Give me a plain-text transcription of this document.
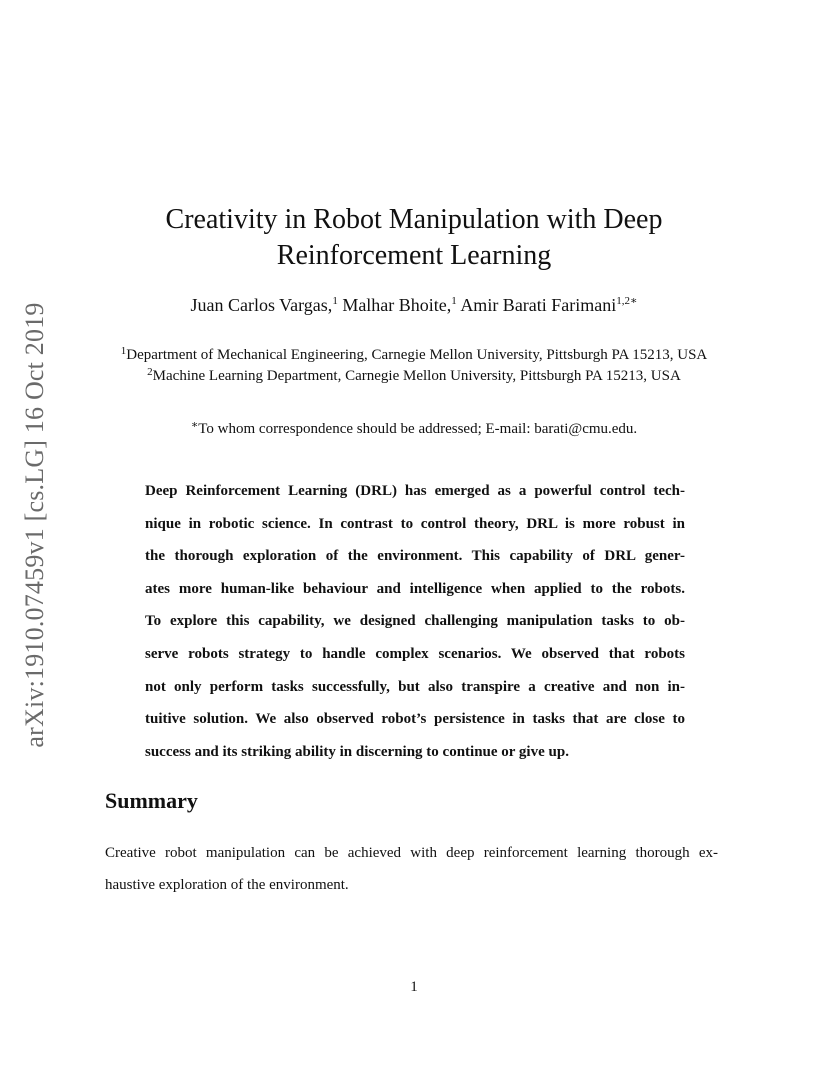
arXiv:1910.07459v1 [cs.LG] 16 Oct 2019
Creativity in Robot Manipulation with Deep
Reinforcement Learning
Juan Carlos Vargas,$^1$ Malhar Bhoite,$^1$ Amir Barati Farimani$^{1,2∗}$
$^1$Department of Mechanical Engineering, Carnegie Mellon University, Pittsburgh PA 15213, USA
$^2$Machine Learning Department, Carnegie Mellon University, Pittsburgh PA 15213, USA
∗To whom correspondence should be addressed; E-mail: barati@cmu.edu.
Deep Reinforcement Learning (DRL) has emerged as a powerful control tech-
nique in robotic science. In contrast to control theory, DRL is more robust in
the thorough exploration of the environment. This capability of DRL gener-
ates more human-like behaviour and intelligence when applied to the robots.
To explore this capability, we designed challenging manipulation tasks to ob-
serve robots strategy to handle complex scenarios. We observed that robots
not only perform tasks successfully, but also transpire a creative and non in-
tuitive solution. We also observed robot’s persistence in tasks that are close to
success and its striking ability in discerning to continue or give up.
Summary
Creative robot manipulation can be achieved with deep reinforcement learning thorough ex-
haustive exploration of the environment.
1
